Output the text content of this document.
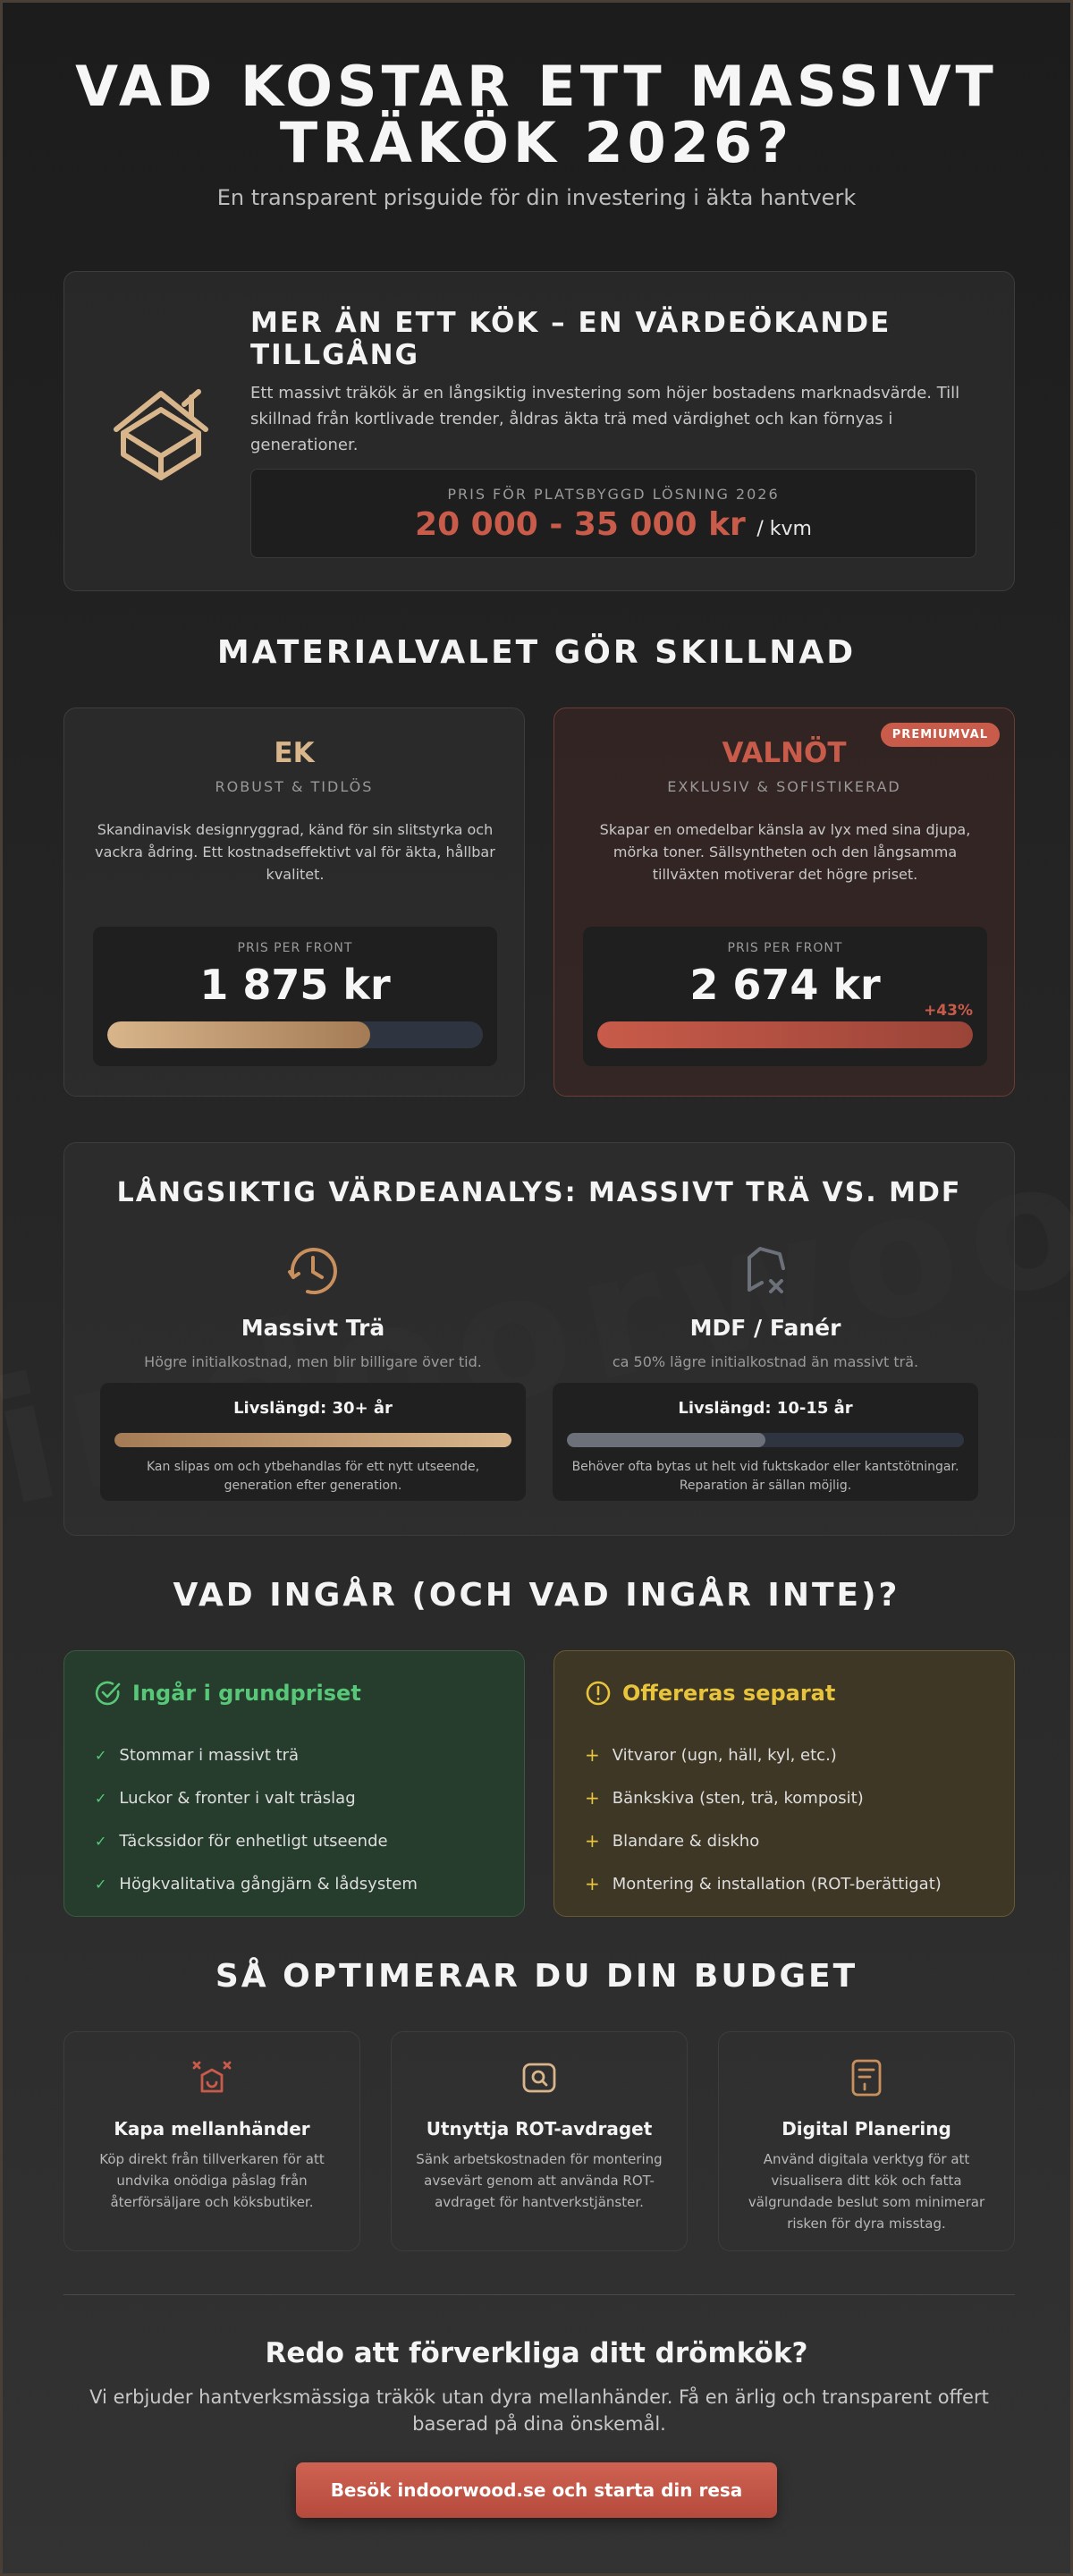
VAD KOSTAR ETT MASSIVT TRÄKÖK 2026?
En transparent prisguide för din investering i äkta hantverk
MER ÄN ETT KÖK – EN VÄRDEÖKANDE TILLGÅNG

Ett massivt träkök är en långsiktig investering som höjer bostadens marknadsvärde. Till skillnad från kortlivade trender, åldras äkta trä med värdighet och kan förnyas i generationer.

PRIS FÖR PLATSBYGGD LÖSNING 2026
20 000 - 35 000 kr / kvm
MATERIALVALET GÖR SKILLNAD
EK
ROBUST & TIDLÖS
Skandinavisk designryggrad, känd för sin slitstyrka och vackra ådring. Ett kostnadseffektivt val för äkta, hållbar kvalitet.
PRIS PER FRONT
1 875 kr
PREMIUMVAL
VALNÖT
EXKLUSIV & SOFISTIKERAD
Skapar en omedelbar känsla av lyx med sina djupa, mörka toner. Sällsyntheten och den långsamma tillväxten motiverar det högre priset.
PRIS PER FRONT
2 674 kr
+43%
LÅNGSIKTIG VÄRDEANALYS: MASSIVT TRÄ VS. MDF
Massivt Trä
Högre initialkostnad, men blir billigare över tid.
MDF / Fanér
ca 50% lägre initialkostnad än massivt trä.
Livslängd: 30+ år
Kan slipas om och ytbehandlas för ett nytt utseende, generation efter generation.
Livslängd: 10-15 år
Behöver ofta bytas ut helt vid fuktskador eller kantstötningar. Reparation är sällan möjlig.
VAD INGÅR (OCH VAD INGÅR INTE)?
Ingår i grundpriset
✓ Stommar i massivt trä
✓ Luckor & fronter i valt träslag
✓ Täckssidor för enhetligt utseende
✓ Högkvalitativa gångjärn & lådsystem
Offereras separat
+ Vitvaror (ugn, häll, kyl, etc.)
+ Bänkskiva (sten, trä, komposit)
+ Blandare & diskho
+ Montering & installation (ROT-berättigat)
SÅ OPTIMERAR DU DIN BUDGET
Kapa mellanhänder
Köp direkt från tillverkaren för att undvika onödiga påslag från återförsäljare och köksbutiker.
Utnyttja ROT-avdraget
Sänk arbetskostnaden för montering avsevärt genom att använda ROT-avdraget för hantverkstjänster.
Digital Planering
Använd digitala verktyg för att visualisera ditt kök och fatta välgrundade beslut som minimerar risken för dyra misstag.
Redo att förverkliga ditt drömkök?
Vi erbjuder hantverksmässiga träkök utan dyra mellanhänder. Få en ärlig och transparent offert baserad på dina önskemål.
Besök indoorwood.se och starta din resa
